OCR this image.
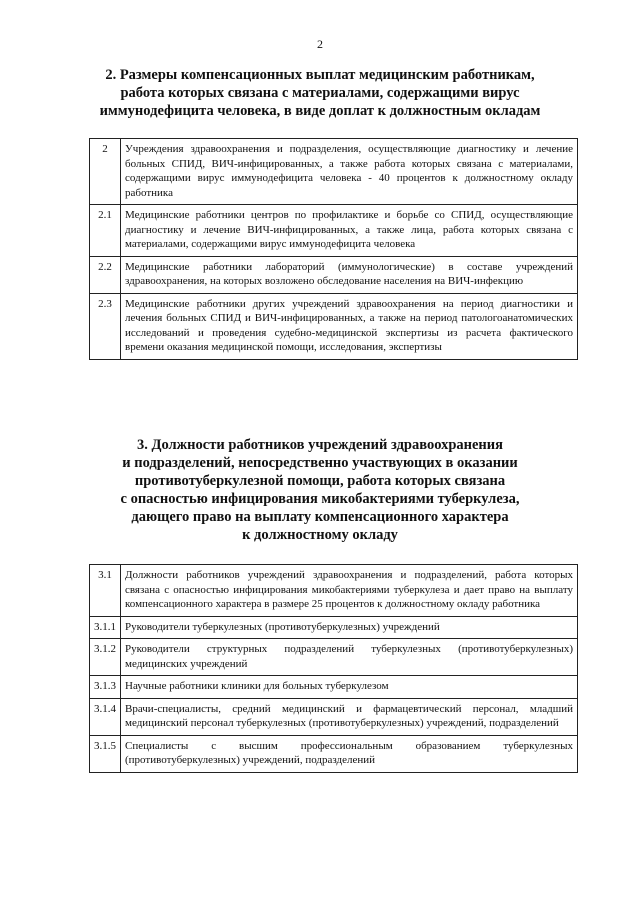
2
2. Размеры компенсационных выплат медицинским работникам,
работа которых связана с материалами, содержащими вирус
иммунодефицита человека, в виде доплат к должностным окладам
2	Учреждения здравоохранения и подразделения, осуществляющие диагностику и лечение больных СПИД, ВИЧ-инфицированных, а также работа которых связана с материалами, содержащими вирус иммунодефицита человека - 40 процентов к должностному окладу работника
2.1	Медицинские работники центров по профилактике и борьбе со СПИД, осуществляющие диагностику и лечение ВИЧ-инфицированных, а также лица, работа которых связана с материалами, содержащими вирус иммунодефицита человека
2.2	Медицинские работники лабораторий (иммунологические) в составе учреждений здравоохранения, на которых возложено обследование населения на ВИЧ-инфекцию
2.3	Медицинские работники других учреждений здравоохранения на период диагностики и лечения больных СПИД и ВИЧ-инфицированных, а также на период патологоанатомических исследований и проведения судебно-медицинской экспертизы из расчета фактического времени оказания медицинской помощи, исследования, экспертизы
3. Должности работников учреждений здравоохранения
и подразделений, непосредственно участвующих в оказании
противотуберкулезной помощи, работа которых связана
с опасностью инфицирования микобактериями туберкулеза,
дающего право на выплату компенсационного характера
к должностному окладу
3.1	Должности работников учреждений здравоохранения и подразделений, работа которых связана с опасностью инфицирования микобактериями туберкулеза и дает право на выплату компенсационного характера в размере 25 процентов к должностному окладу работника
3.1.1	Руководители туберкулезных (противотуберкулезных) учреждений
3.1.2	Руководители структурных подразделений туберкулезных (противотуберкулезных) медицинских учреждений
3.1.3	Научные работники клиники для больных туберкулезом
3.1.4	Врачи-специалисты, средний медицинский и фармацевтический персонал, младший медицинский персонал туберкулезных (противотуберкулезных) учреждений, подразделений
3.1.5	Специалисты с высшим профессиональным образованием туберкулезных (противотуберкулезных) учреждений, подразделений
